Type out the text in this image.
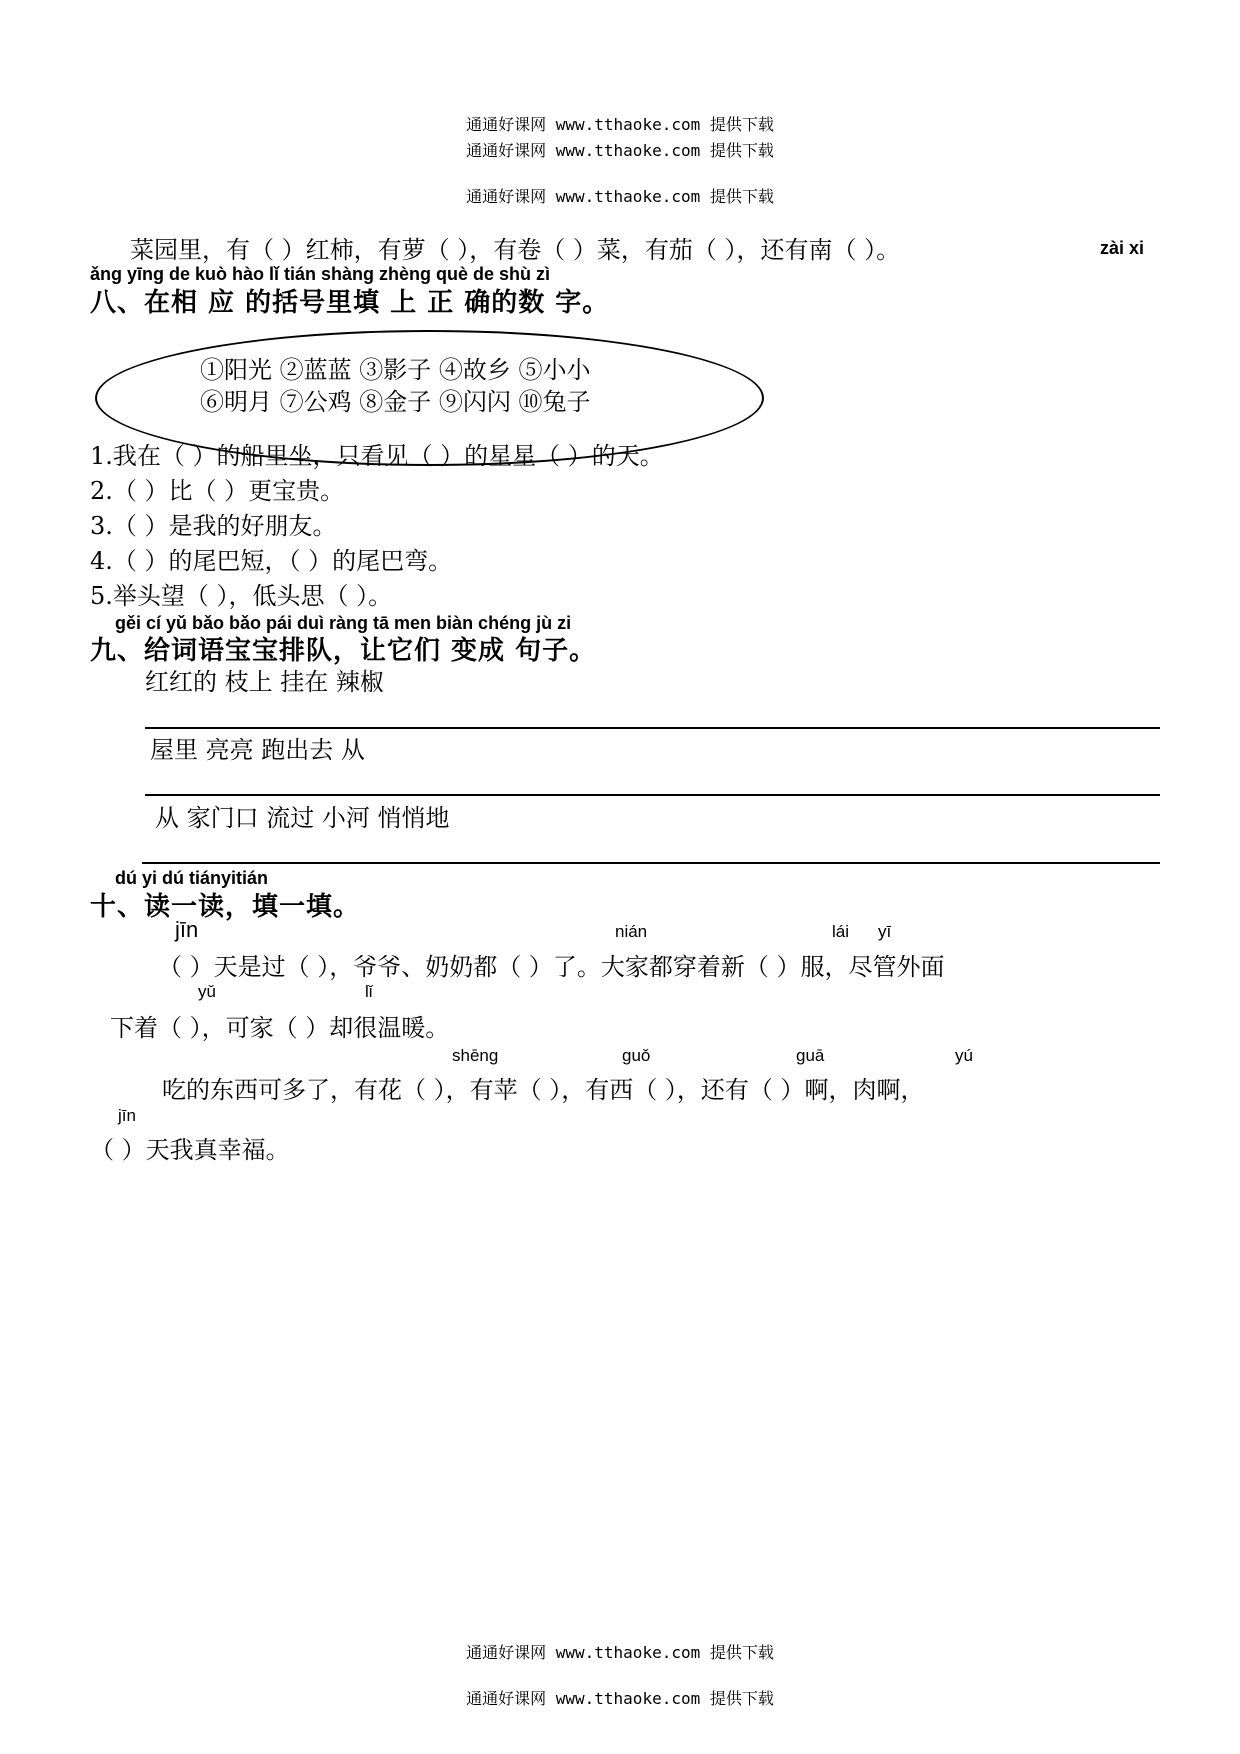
通通好课网 www.tthaoke.com 提供下载
通通好课网 www.tthaoke.com 提供下载
通通好课网 www.tthaoke.com 提供下载
菜园里，有（ ）红柿，有萝（ ），有卷（ ）菜，有茄（ ），还有南（ ）。	zài xi
ǎng yīng de kuò hào lǐ tián shàng zhèng què de shù zì
八、在相 应 的括号里填 上 正 确的数 字。
①阳光 ②蓝蓝 ③影子 ④故乡 ⑤小小
⑥明月 ⑦公鸡 ⑧金子 ⑨闪闪 ⑩兔子
1.我在（ ）的船里坐，只看见（ ）的星星（ ）的天。
2.（ ）比（ ）更宝贵。
3.（ ）是我的好朋友。
4.（ ）的尾巴短，（ ）的尾巴弯。
5.举头望（ ），低头思（ ）。
gěi cí yǔ bǎo bǎo pái duì ràng tā men biàn chéng jù zi
九、给词语宝宝排队，让它们 变成 句子。
红红的 枝上 挂在 辣椒
屋里 亮亮 跑出去 从
从 家门口 流过 小河 悄悄地
dú yi dú tiányitián
十、读一读，填一填。
jīn	nián	lái yī
（ ）天是过（ ），爷爷、奶奶都（ ）了。大家都穿着新（ ）服，尽管外面
yǔ	lǐ
下着（ ），可家（ ）却很温暖。
shēng	guǒ	guā	yú
吃的东西可多了，有花（ ），有苹（ ），有西（ ），还有（ ）啊，肉啊，
jīn
（ ）天我真幸福。
通通好课网 www.tthaoke.com 提供下载
通通好课网 www.tthaoke.com 提供下载
